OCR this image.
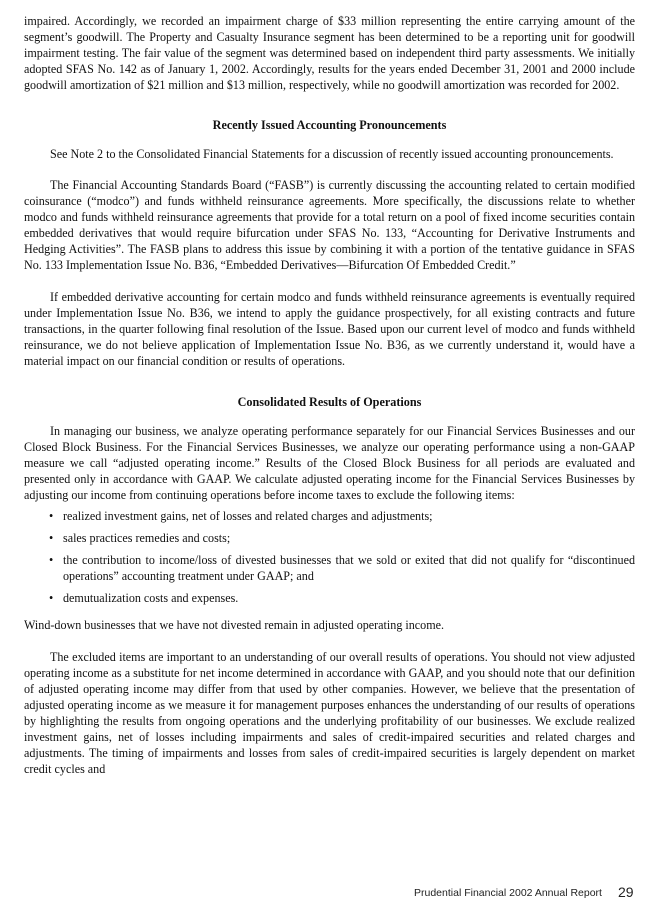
impaired. Accordingly, we recorded an impairment charge of $33 million representing the entire carrying amount of the segment’s goodwill. The Property and Casualty Insurance segment has been determined to be a reporting unit for goodwill impairment testing. The fair value of the segment was determined based on independent third party assessments. We initially adopted SFAS No. 142 as of January 1, 2002. Accordingly, results for the years ended December 31, 2001 and 2000 include goodwill amortization of $21 million and $13 million, respectively, while no goodwill amortization was recorded for 2002.

Recently Issued Accounting Pronouncements

See Note 2 to the Consolidated Financial Statements for a discussion of recently issued accounting pronouncements.

The Financial Accounting Standards Board (“FASB”) is currently discussing the accounting related to certain modified coinsurance (“modco”) and funds withheld reinsurance agreements. More specifically, the discussions relate to whether modco and funds withheld reinsurance agreements that provide for a total return on a pool of fixed income securities contain embedded derivatives that would require bifurcation under SFAS No. 133, “Accounting for Derivative Instruments and Hedging Activities”. The FASB plans to address this issue by combining it with a portion of the tentative guidance in SFAS No. 133 Implementation Issue No. B36, “Embedded Derivatives—Bifurcation Of Embedded Credit.”

If embedded derivative accounting for certain modco and funds withheld reinsurance agreements is eventually required under Implementation Issue No. B36, we intend to apply the guidance prospectively, for all existing contracts and future transactions, in the quarter following final resolution of the Issue. Based upon our current level of modco and funds withheld reinsurance, we do not believe application of Implementation Issue No. B36, as we currently understand it, would have a material impact on our financial condition or results of operations.

Consolidated Results of Operations

In managing our business, we analyze operating performance separately for our Financial Services Businesses and our Closed Block Business. For the Financial Services Businesses, we analyze our operating performance using a non-GAAP measure we call “adjusted operating income.” Results of the Closed Block Business for all periods are evaluated and presented only in accordance with GAAP. We calculate adjusted operating income for the Financial Services Businesses by adjusting our income from continuing operations before income taxes to exclude the following items:

• realized investment gains, net of losses and related charges and adjustments;
• sales practices remedies and costs;
• the contribution to income/loss of divested businesses that we sold or exited that did not qualify for “discontinued operations” accounting treatment under GAAP; and
• demutualization costs and expenses.

Wind-down businesses that we have not divested remain in adjusted operating income.

The excluded items are important to an understanding of our overall results of operations. You should not view adjusted operating income as a substitute for net income determined in accordance with GAAP, and you should note that our definition of adjusted operating income may differ from that used by other companies. However, we believe that the presentation of adjusted operating income as we measure it for management purposes enhances the understanding of our results of operations by highlighting the results from ongoing operations and the underlying profitability of our businesses. We exclude realized investment gains, net of losses including impairments and sales of credit-impaired securities and related charges and adjustments. The timing of impairments and losses from sales of credit-impaired securities is largely dependent on market credit cycles and

Prudential Financial 2002 Annual Report 29
